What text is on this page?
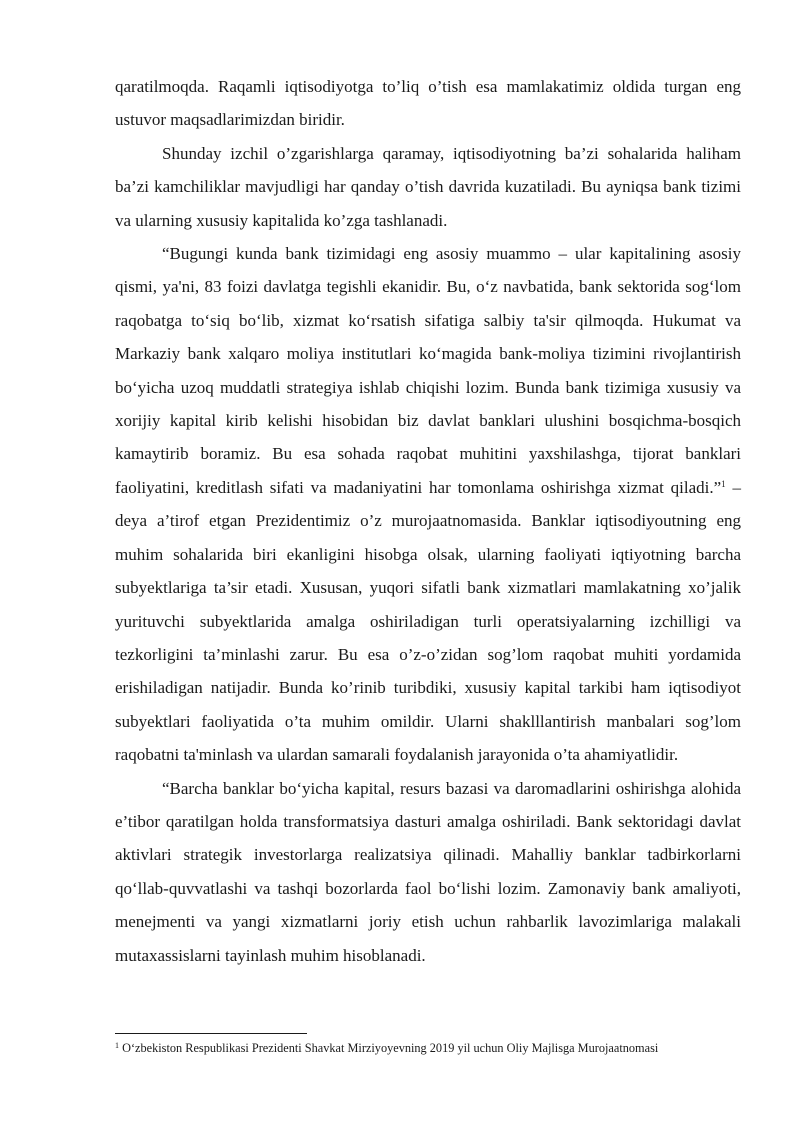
qaratilmoqda. Raqamli iqtisodiyotga to’liq o’tish esa mamlakatimiz oldida turgan eng ustuvor maqsadlarimizdan biridir.

Shunday izchil o’zgarishlarga qaramay, iqtisodiyotning ba’zi sohalarida haliham ba’zi kamchiliklar mavjudligi har qanday o’tish davrida kuzatiladi. Bu ayniqsa bank tizimi va ularning xususiy kapitalida ko’zga tashlanadi.

“Bugungi kunda bank tizimidagi eng asosiy muammo – ular kapitalining asosiy qismi, ya'ni, 83 foizi davlatga tegishli ekanidir. Bu, o‘z navbatida, bank sektorida sog‘lom raqobatga to‘siq bo‘lib, xizmat ko‘rsatish sifatiga salbiy ta'sir qilmoqda. Hukumat va Markaziy bank xalqaro moliya institutlari ko‘magida bank-moliya tizimini rivojlantirish bo‘yicha uzoq muddatli strategiya ishlab chiqishi lozim. Bunda bank tizimiga xususiy va xorijiy kapital kirib kelishi hisobidan biz davlat banklari ulushini bosqichma-bosqich kamaytirib boramiz. Bu esa sohada raqobat muhitini yaxshilashga, tijorat banklari faoliyatini, kreditlash sifati va madaniyatini har tomonlama oshirishga xizmat qiladi.”$^1$ – deya a’tirof etgan Prezidentimiz o’z murojaatnomasida. Banklar iqtisodiyoutning eng muhim sohalarida biri ekanligini hisobga olsak, ularning faoliyati iqtiyotning barcha subyektlariga ta’sir etadi. Xususan, yuqori sifatli bank xizmatlari mamlakatning xo’jalik yurituvchi subyektlarida amalga oshiriladigan turli operatsiyalarning izchilligi va tezkorligini ta’minlashi zarur. Bu esa o’z-o’zidan sog’lom raqobat muhiti yordamida erishiladigan natijadir. Bunda ko’rinib turibdiki, xususiy kapital tarkibi ham iqtisodiyot subyektlari faoliyatida o’ta muhim omildir. Ularni shaklllantirish manbalari sog’lom raqobatni ta'minlash va ulardan samarali foydalanish jarayonida o’ta ahamiyatlidir.

“Barcha banklar bo‘yicha kapital, resurs bazasi va daromadlarini oshirishga alohida e’tibor qaratilgan holda transformatsiya dasturi amalga oshiriladi. Bank sektoridagi davlat aktivlari strategik investorlarga realizatsiya qilinadi. Mahalliy banklar tadbirkorlarni qo‘llab-quvvatlashi va tashqi bozorlarda faol bo‘lishi lozim. Zamonaviy bank amaliyoti, menejmenti va yangi xizmatlarni joriy etish uchun rahbarlik lavozimlariga malakali mutaxassislarni tayinlash muhim hisoblanadi.

$^1$ O‘zbekiston Respublikasi Prezidenti Shavkat Mirziyoyevning 2019 yil uchun Oliy Majlisga Murojaatnomasi
